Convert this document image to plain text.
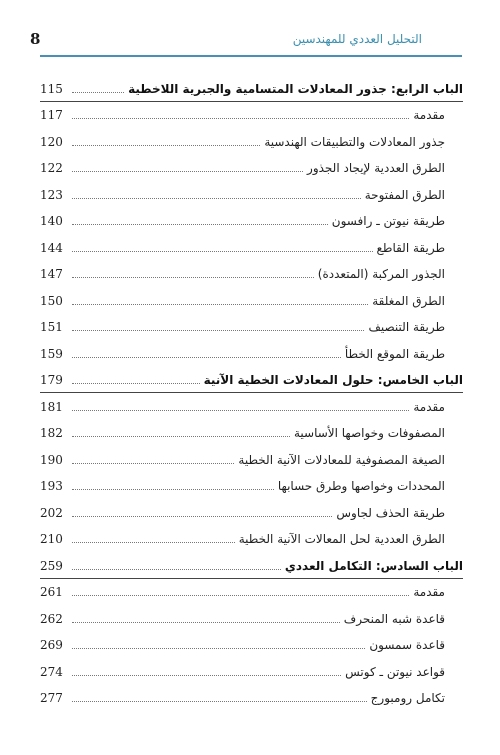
8	التحليل العددي للمهندسين
115	الباب الرابع: جذور المعادلات المتسامية والجبرية اللاخطية
117	مقدمة
120	جذور المعادلات والتطبيقات الهندسية
122	الطرق العددية لإيجاد الجذور
123	الطرق المفتوحة
140	طريقة نيوتن ـ رافسون
144	طريقة القاطع
147	الجذور المركبة (المتعددة)
150	الطرق المغلقة
151	طريقة التنصيف
159	طريقة الموقع الخطأ
179	الباب الخامس: حلول المعادلات الخطية الآنية
181	مقدمة
182	المصفوفات وخواصها الأساسية
190	الصيغة المصفوفية للمعادلات الآنية الخطية
193	المحددات وخواصها وطرق حسابها
202	طريقة الحذف لجاوس
210	الطرق العددية لحل المعالات الآنية الخطية
259	الباب السادس: التكامل العددي
261	مقدمة
262	قاعدة شبه المنحرف
269	قاعدة سمسون
274	قواعد نيوتن ـ كوتس
277	تكامل رومبورج
